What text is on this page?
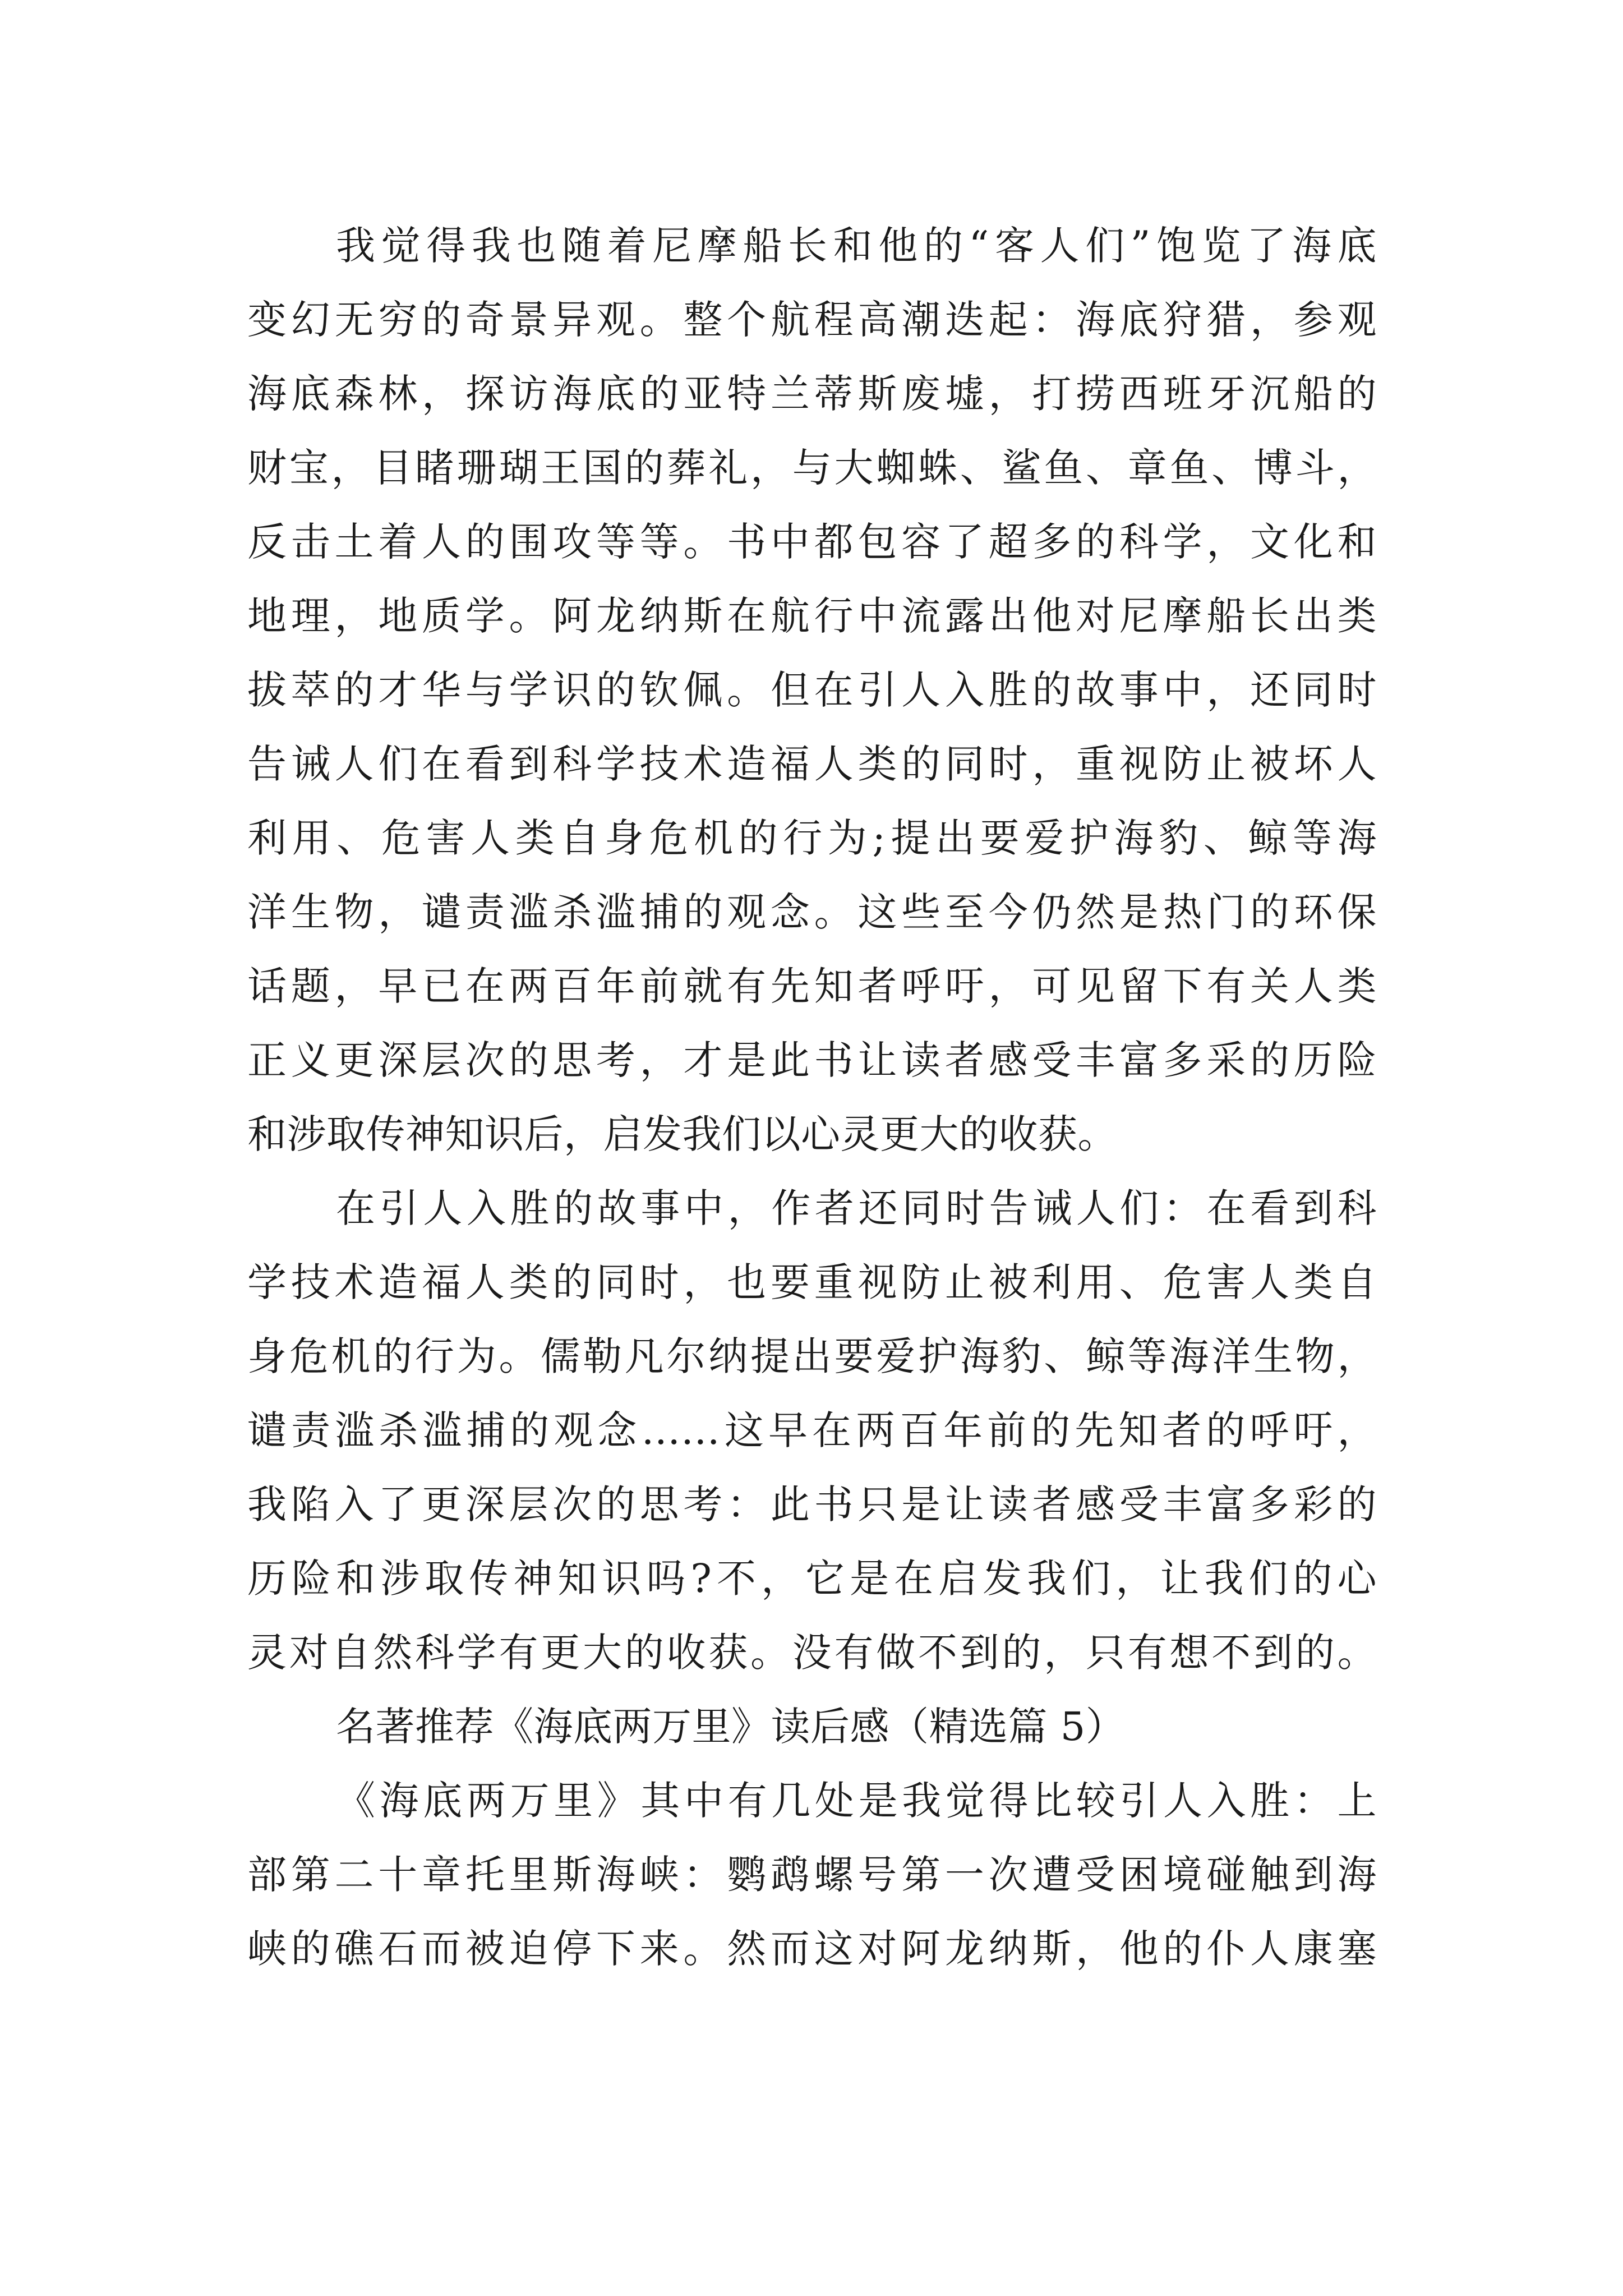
我觉得我也随着尼摩船长和他的“客人们”饱览了海底
变幻无穷的奇景异观。整个航程高潮迭起：海底狩猎，参观
海底森林，探访海底的亚特兰蒂斯废墟，打捞西班牙沉船的
财宝，目睹珊瑚王国的葬礼，与大蜘蛛、鲨鱼、章鱼、博斗，
反击土着人的围攻等等。书中都包容了超多的科学，文化和
地理，地质学。阿龙纳斯在航行中流露出他对尼摩船长出类
拔萃的才华与学识的钦佩。但在引人入胜的故事中，还同时
告诫人们在看到科学技术造福人类的同时，重视防止被坏人
利用、危害人类自身危机的行为;提出要爱护海豹、鲸等海
洋生物，谴责滥杀滥捕的观念。这些至今仍然是热门的环保
话题，早已在两百年前就有先知者呼吁，可见留下有关人类
正义更深层次的思考，才是此书让读者感受丰富多采的历险
和涉取传神知识后，启发我们以心灵更大的收获。
在引人入胜的故事中，作者还同时告诫人们：在看到科
学技术造福人类的同时，也要重视防止被利用、危害人类自
身危机的行为。儒勒凡尔纳提出要爱护海豹、鲸等海洋生物，
谴责滥杀滥捕的观念……这早在两百年前的先知者的呼吁，
我陷入了更深层次的思考：此书只是让读者感受丰富多彩的
历险和涉取传神知识吗?不，它是在启发我们，让我们的心
灵对自然科学有更大的收获。没有做不到的，只有想不到的。
名著推荐《海底两万里》读后感（精选篇 5）
《海底两万里》其中有几处是我觉得比较引人入胜：上
部第二十章托里斯海峡：鹦鹉螺号第一次遭受困境碰触到海
峡的礁石而被迫停下来。然而这对阿龙纳斯，他的仆人康塞
